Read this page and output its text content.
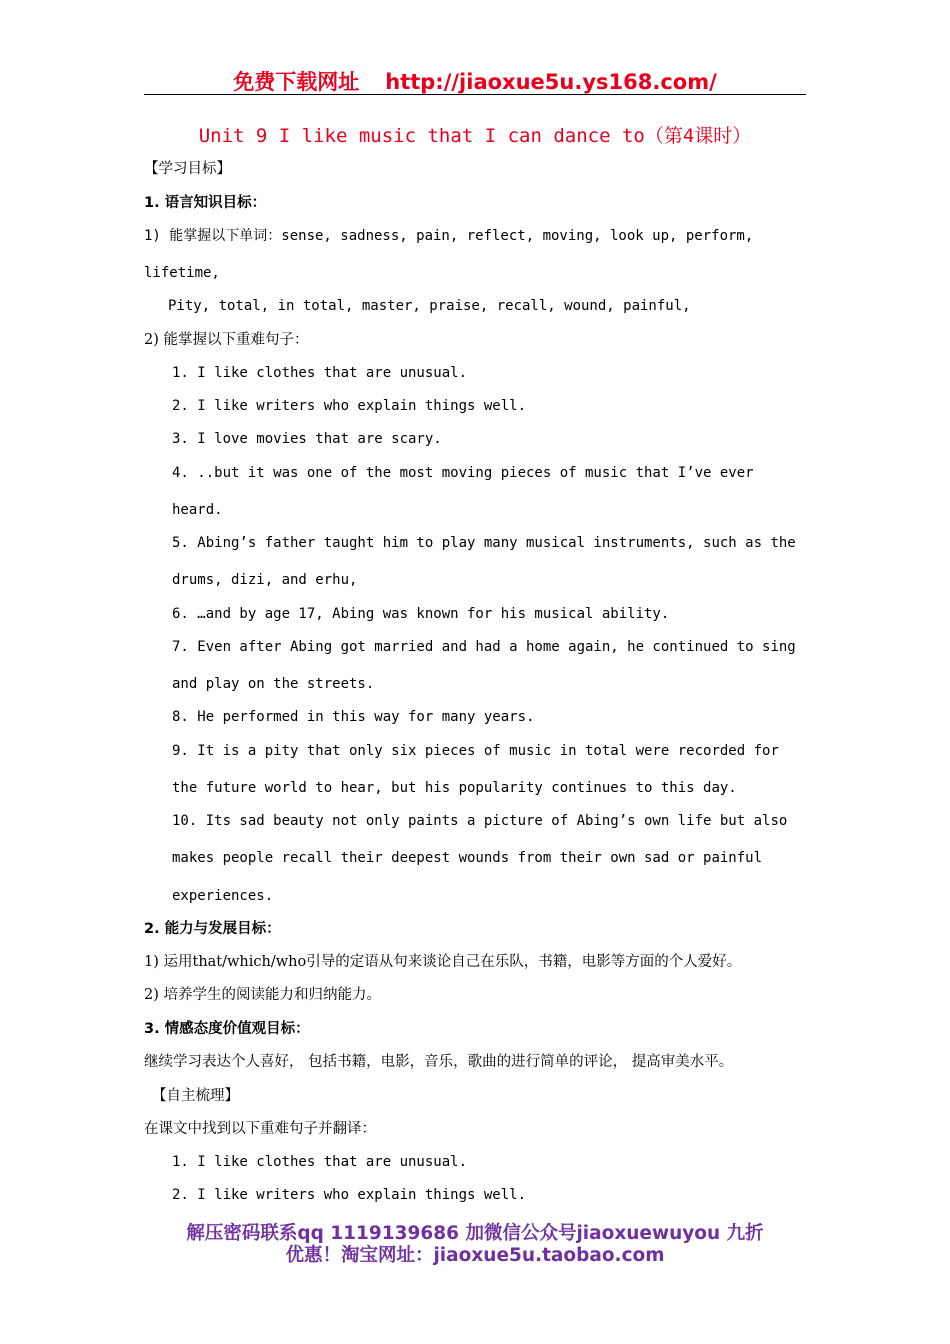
免费下载网址 http://jiaoxue5u.ys168.com/
Unit 9 I like music that I can dance to（第4课时）
【学习目标】
1. 语言知识目标：
1) 能掌握以下单词：sense, sadness, pain, reflect, moving, look up, perform,
lifetime,
Pity, total, in total, master, praise, recall, wound, painful,
2) 能掌握以下重难句子：
1. I like clothes that are unusual.
2. I like writers who explain things well.
3. I love movies that are scary.
4. ..but it was one of the most moving pieces of music that I’ve ever
heard.
5. Abing’s father taught him to play many musical instruments, such as the
drums, dizi, and erhu,
6. …and by age 17, Abing was known for his musical ability.
7. Even after Abing got married and had a home again, he continued to sing
and play on the streets.
8. He performed in this way for many years.
9. It is a pity that only six pieces of music in total were recorded for
the future world to hear, but his popularity continues to this day.
10. Its sad beauty not only paints a picture of Abing’s own life but also
makes people recall their deepest wounds from their own sad or painful
experiences.
2. 能力与发展目标：
1) 运用that/which/who引导的定语从句来谈论自己在乐队，书籍，电影等方面的个人爱好。
2) 培养学生的阅读能力和归纳能力。
3. 情感态度价值观目标：
继续学习表达个人喜好， 包括书籍，电影，音乐，歌曲的进行简单的评论， 提高审美水平。
【自主梳理】
在课文中找到以下重难句子并翻译：
1. I like clothes that are unusual.
2. I like writers who explain things well.
解压密码联系qq 1119139686 加微信公众号jiaoxuewuyou 九折
优惠！淘宝网址：jiaoxue5u.taobao.com
